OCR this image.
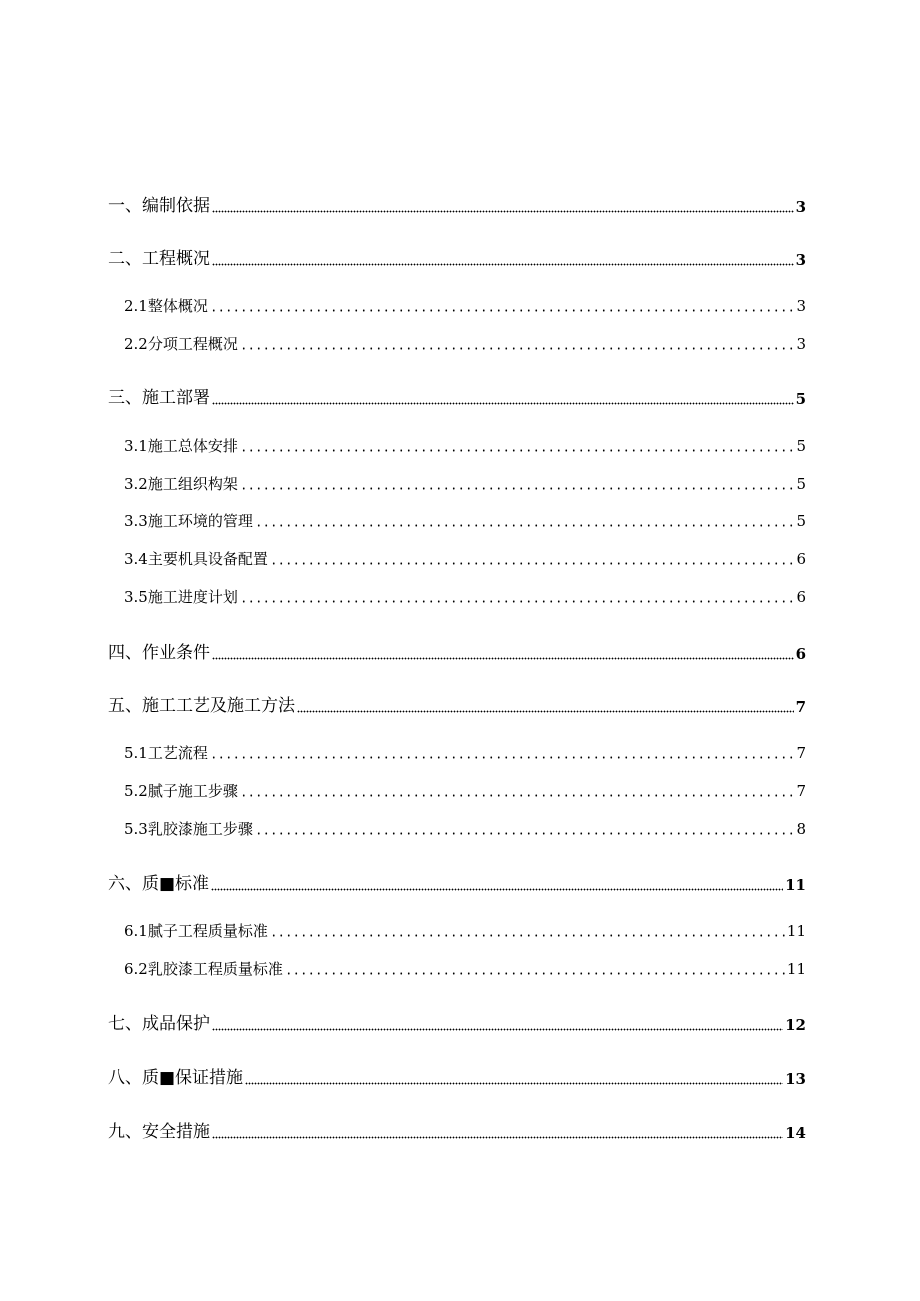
一、编制依据	3
二、工程概况	3
2.1整体概况	3
2.2分项工程概况	3
三、施工部署	5
3.1施工总体安排	5
3.2施工组织构架	5
3.3施工环境的管理	5
3.4主要机具设备配置	6
3.5施工进度计划	6
四、作业条件	6
五、施工工艺及施工方法	7
5.1工艺流程	7
5.2腻子施工步骤	7
5.3乳胶漆施工步骤	8
六、质■标准	11
6.1腻子工程质量标准	11
6.2乳胶漆工程质量标准	11
七、成品保护	12
八、质■保证措施	13
九、安全措施	14
